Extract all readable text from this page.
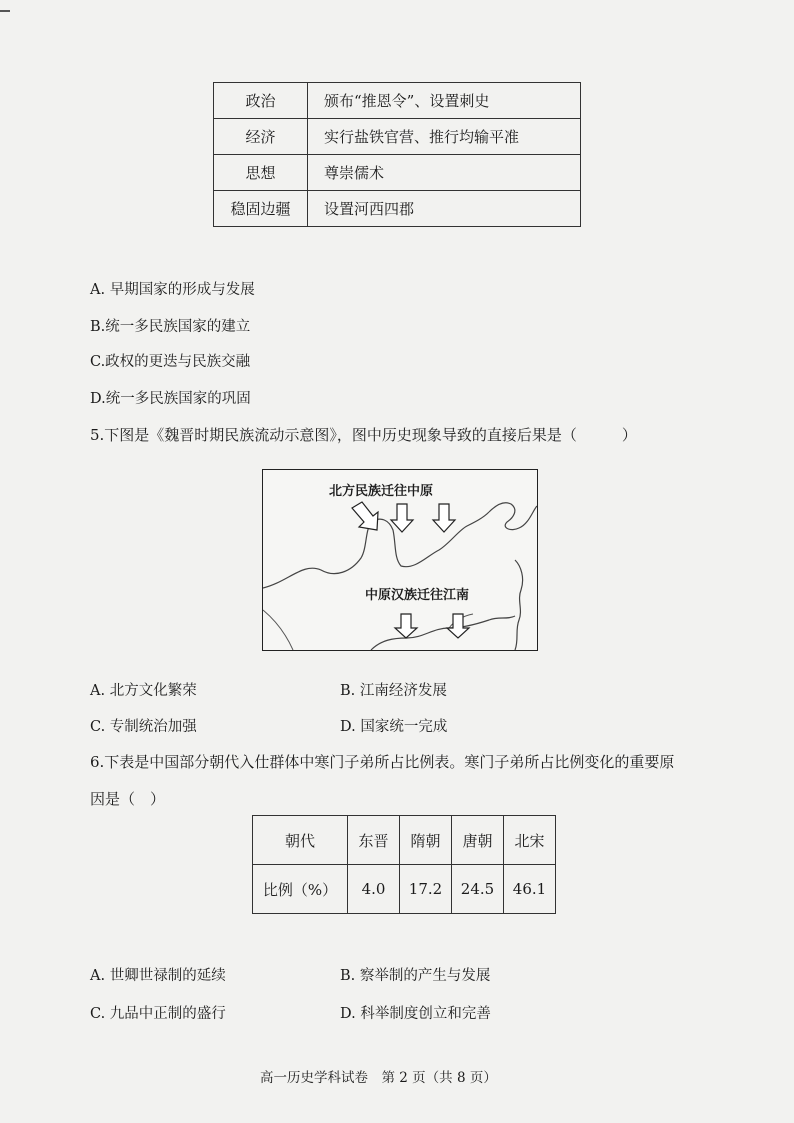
政治	颁布“推恩令”、设置刺史
经济	实行盐铁官营、推行均输平准
思想	尊崇儒术
稳固边疆	设置河西四郡
A. 早期国家的形成与发展
B.统一多民族国家的建立
C.政权的更迭与民族交融
D.统一多民族国家的巩固
5.下图是《魏晋时期民族流动示意图》，图中历史现象导致的直接后果是（　　　）
北方民族迁往中原
中原汉族迁往江南
A. 北方文化繁荣	B. 江南经济发展
C. 专制统治加强	D. 国家统一完成
6.下表是中国部分朝代入仕群体中寒门子弟所占比例表。寒门子弟所占比例变化的重要原
因是（　）
朝代	东晋	隋朝	唐朝	北宋
比例（%）	4.0	17.2	24.5	46.1
A. 世卿世禄制的延续	B. 察举制的产生与发展
C. 九品中正制的盛行	D. 科举制度创立和完善
高一历史学科试卷　第 2 页（共 8 页）
